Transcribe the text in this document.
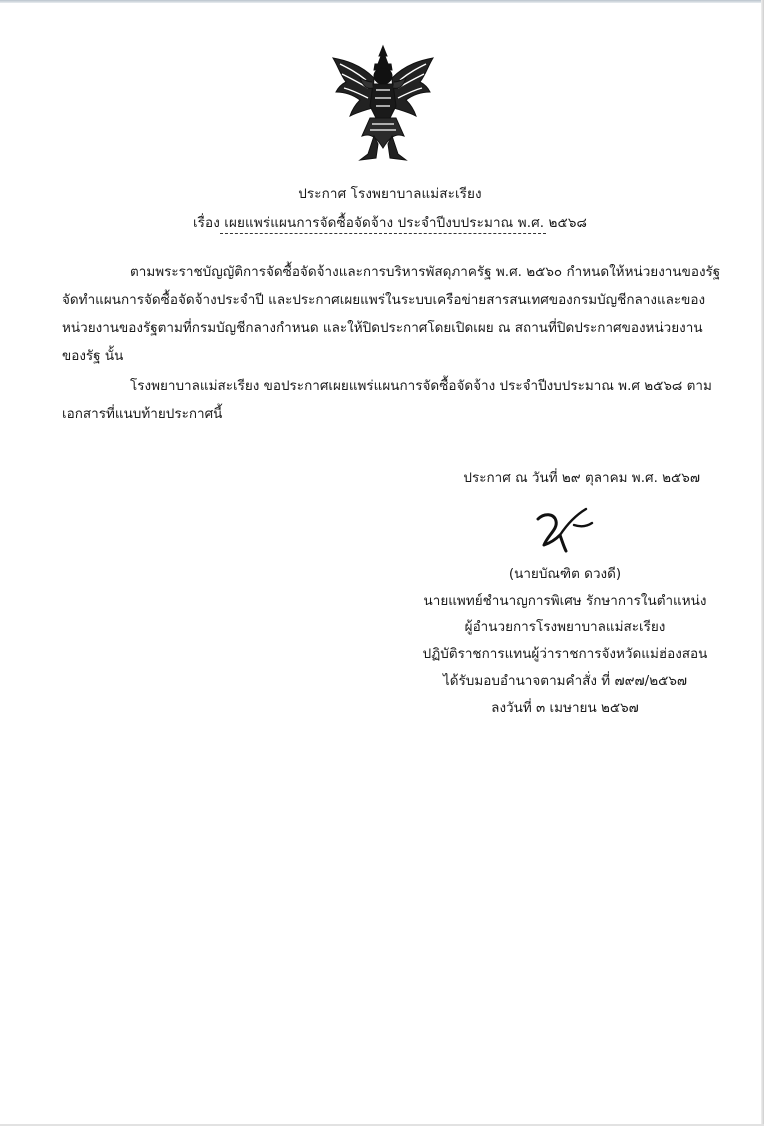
ประกาศ โรงพยาบาลแม่สะเรียง
เรื่อง เผยแพร่แผนการจัดซื้อจัดจ้าง ประจำปีงบประมาณ พ.ศ. ๒๕๖๘
ตามพระราชบัญญัติการจัดซื้อจัดจ้างและการบริหารพัสดุภาครัฐ พ.ศ. ๒๕๖๐ กำหนดให้หน่วยงานของรัฐ
จัดทำแผนการจัดซื้อจัดจ้างประจำปี และประกาศเผยแพร่ในระบบเครือข่ายสารสนเทศของกรมบัญชีกลางและของ
หน่วยงานของรัฐตามที่กรมบัญชีกลางกำหนด และให้ปิดประกาศโดยเปิดเผย ณ สถานที่ปิดประกาศของหน่วยงาน
ของรัฐ นั้น
โรงพยาบาลแม่สะเรียง ขอประกาศเผยแพร่แผนการจัดซื้อจัดจ้าง ประจำปีงบประมาณ พ.ศ ๒๕๖๘ ตาม
เอกสารที่แนบท้ายประกาศนี้
ประกาศ ณ วันที่ ๒๙ ตุลาคม พ.ศ. ๒๕๖๗
(นายบัณฑิต ดวงดี)
นายแพทย์ชำนาญการพิเศษ รักษาการในตำแหน่ง
ผู้อำนวยการโรงพยาบาลแม่สะเรียง
ปฏิบัติราชการแทนผู้ว่าราชการจังหวัดแม่ฮ่องสอน
ได้รับมอบอำนาจตามคำสั่ง ที่ ๗๙๗/๒๕๖๗
ลงวันที่ ๓ เมษายน ๒๕๖๗
